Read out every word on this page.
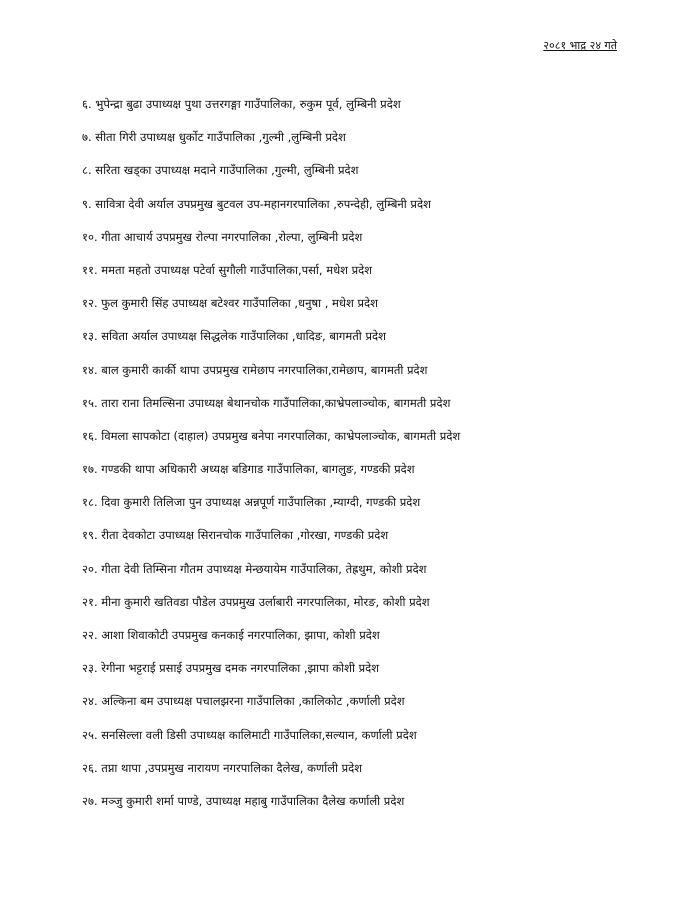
२०८१ भाद्र २४ गते
६. भुपेन्द्रा बुढा उपाध्यक्ष पुथा उत्तरगङ्गा गाउँपालिका, रुकुम पूर्व, लुम्बिनी प्रदेश
७. सीता गिरी उपाध्यक्ष धुर्कोट गाउँपालिका ,गुल्मी ,लुम्बिनी प्रदेश
८. सरिता खड्का उपाध्यक्ष मदाने गाउँपालिका ,गुल्मी, लुम्बिनी प्रदेश
९. सावित्रा देवी अर्याल उपप्रमुख बुटवल उप-महानगरपालिका ,रुपन्देही, लुम्बिनी प्रदेश
१०. गीता आचार्य उपप्रमुख रोल्पा नगरपालिका ,रोल्पा, लुम्बिनी प्रदेश
११. ममता महतो उपाध्यक्ष पटेर्वा सुगौली गाउँपालिका,पर्सा, मधेश प्रदेश
१२. फुल कुमारी सिंह उपाध्यक्ष बटेश्वर गाउँपालिका ,धनुषा , मधेश प्रदेश
१३. सविता अर्याल उपाध्यक्ष सिद्धलेक गाउँपालिका ,धादिङ, बागमती प्रदेश
१४. बाल कुमारी कार्की थापा उपप्रमुख रामेछाप नगरपालिका,रामेछाप, बागमती प्रदेश
१५. तारा राना तिमल्सिना उपाध्यक्ष बेथानचोक गाउँपालिका,काभ्रेपलाञ्चोक, बागमती प्रदेश
१६. विमला सापकोटा (दाहाल) उपप्रमुख बनेपा नगरपालिका, काभ्रेपलाञ्चोक, बागमती प्रदेश
१७. गण्डकी थापा अधिकारी अध्यक्ष बडिगाड गाउँपालिका, बागलुङ, गण्डकी प्रदेश
१८. दिवा कुमारी तिलिजा पुन उपाध्यक्ष अन्नपूर्ण गाउँपालिका ,म्याग्दी, गण्डकी प्रदेश
१९. रीता देवकोटा उपाध्यक्ष सिरानचोक गाउँपालिका ,गोरखा, गण्डकी प्रदेश
२०. गीता देवी तिम्सिना गौतम उपाध्यक्ष मेन्छयायेम गाउँपालिका, तेह्रथुम, कोशी प्रदेश
२१. मीना कुमारी खतिवडा पौडेल उपप्रमुख उर्लाबारी नगरपालिका, मोरङ, कोशी प्रदेश
२२. आशा शिवाकोटी उपप्रमुख कनकाई नगरपालिका, झापा, कोशी प्रदेश
२३. रेगीना भट्टराई प्रसाई उपप्रमुख दमक नगरपालिका ,झापा कोशी प्रदेश
२४. अल्किना बम उपाध्यक्ष पचालझरना गाउँपालिका ,कालिकोट ,कर्णाली प्रदेश
२५. सनसिल्ला वली डिसी उपाध्यक्ष कालिमाटी गाउँपालिका,सल्यान, कर्णाली प्रदेश
२६. तप्ना थापा ,उपप्रमुख नारायण नगरपालिका दैलेख, कर्णाली प्रदेश
२७. मञ्जु कुमारी शर्मा पाण्डे, उपाध्यक्ष महाबु गाउँपालिका दैलेख कर्णाली प्रदेश
